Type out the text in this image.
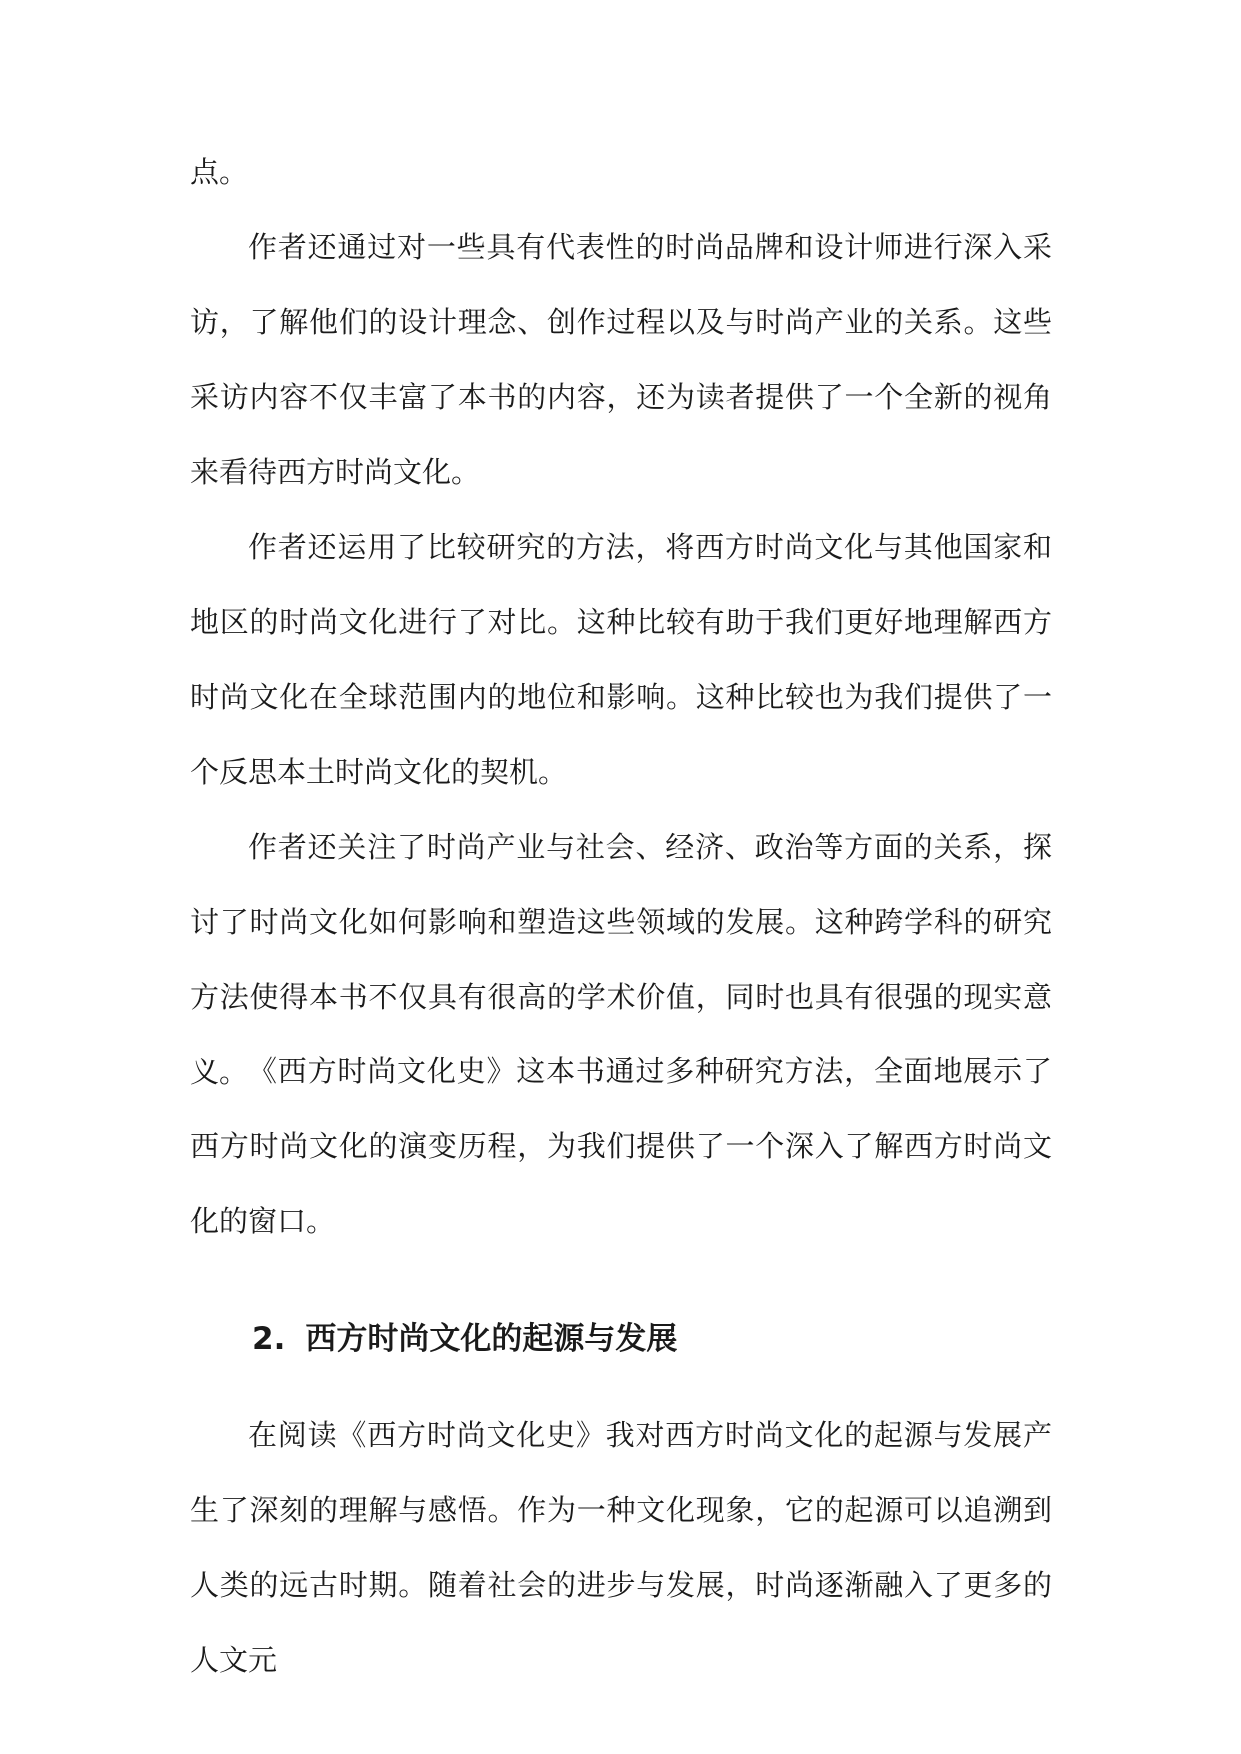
点。

作者还通过对一些具有代表性的时尚品牌和设计师进行深入采访，了解他们的设计理念、创作过程以及与时尚产业的关系。这些采访内容不仅丰富了本书的内容，还为读者提供了一个全新的视角来看待西方时尚文化。

作者还运用了比较研究的方法，将西方时尚文化与其他国家和地区的时尚文化进行了对比。这种比较有助于我们更好地理解西方时尚文化在全球范围内的地位和影响。这种比较也为我们提供了一个反思本土时尚文化的契机。

作者还关注了时尚产业与社会、经济、政治等方面的关系，探讨了时尚文化如何影响和塑造这些领域的发展。这种跨学科的研究方法使得本书不仅具有很高的学术价值，同时也具有很强的现实意义。 《西方时尚文化史》这本书通过多种研究方法，全面地展示了西方时尚文化的演变历程，为我们提供了一个深入了解西方时尚文化的窗口。

2. 西方时尚文化的起源与发展

在阅读《西方时尚文化史》我对西方时尚文化的起源与发展产生了深刻的理解与感悟。作为一种文化现象，它的起源可以追溯到人类的远古时期。随着社会的进步与发展，时尚逐渐融入了更多的人文元
